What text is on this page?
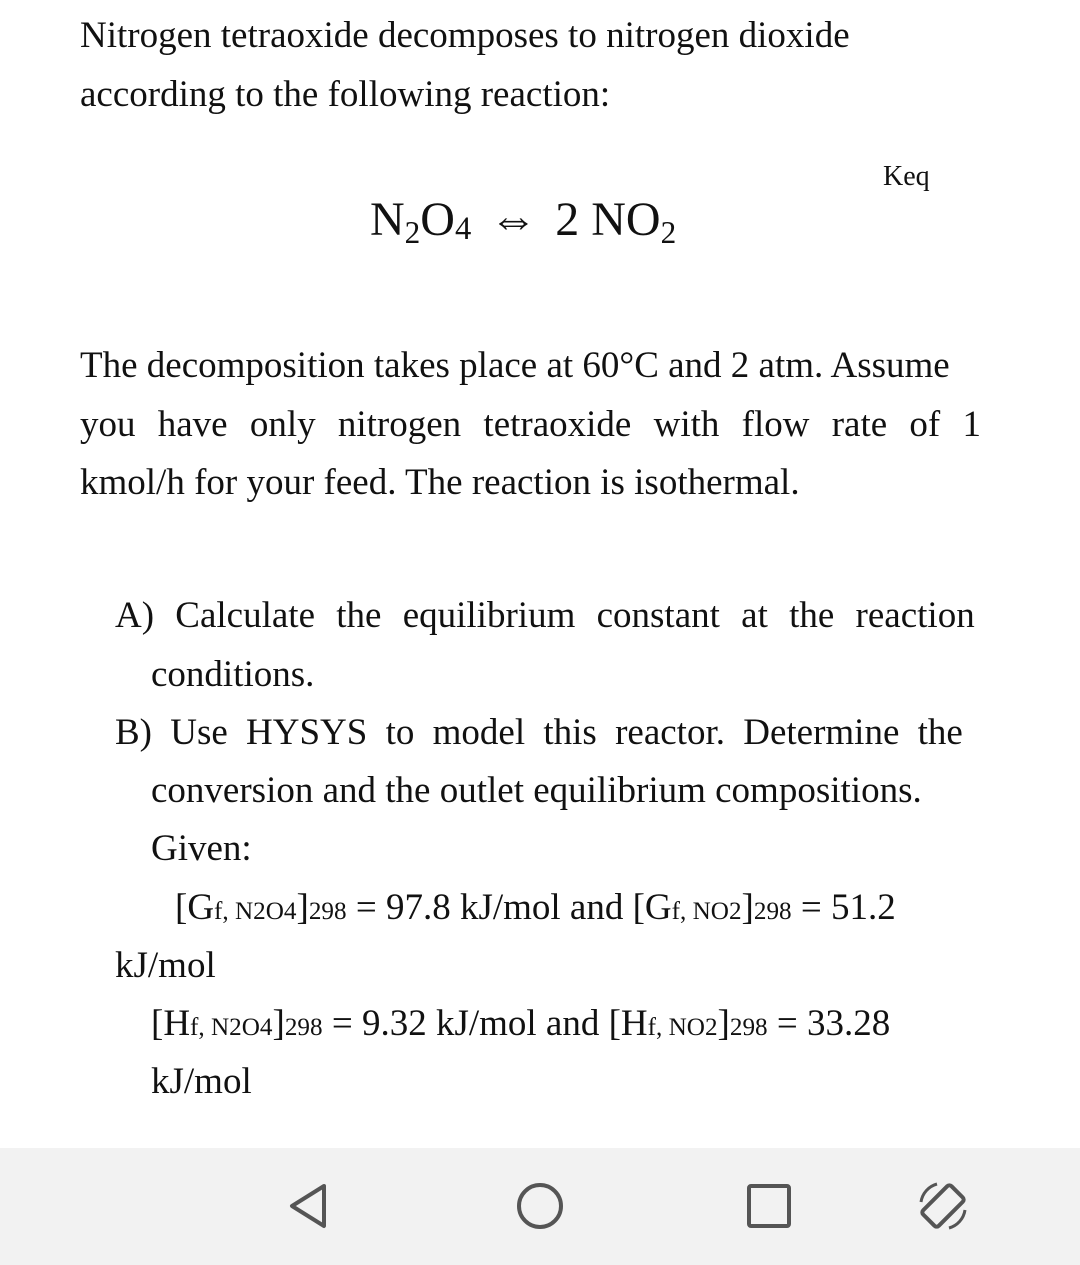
Nitrogen tetraoxide decomposes to nitrogen dioxide
according to the following reaction:
Keq
$N_2O4$ ⇔ 2 $NO_2$
The decomposition takes place at 60°C and 2 atm. Assume
you have only nitrogen tetraoxide with flow rate of 1
kmol/h for your feed. The reaction is isothermal.
A) Calculate the equilibrium constant at the reaction
conditions.
B) Use HYSYS to model this reactor. Determine the
conversion and the outlet equilibrium compositions.
Given:
[Gf, N2O4]298 = 97.8 kJ/mol and [Gf, NO2]298 = 51.2
kJ/mol
[Hf, N2O4]298 = 9.32 kJ/mol and [Hf, NO2]298 = 33.28
kJ/mol
